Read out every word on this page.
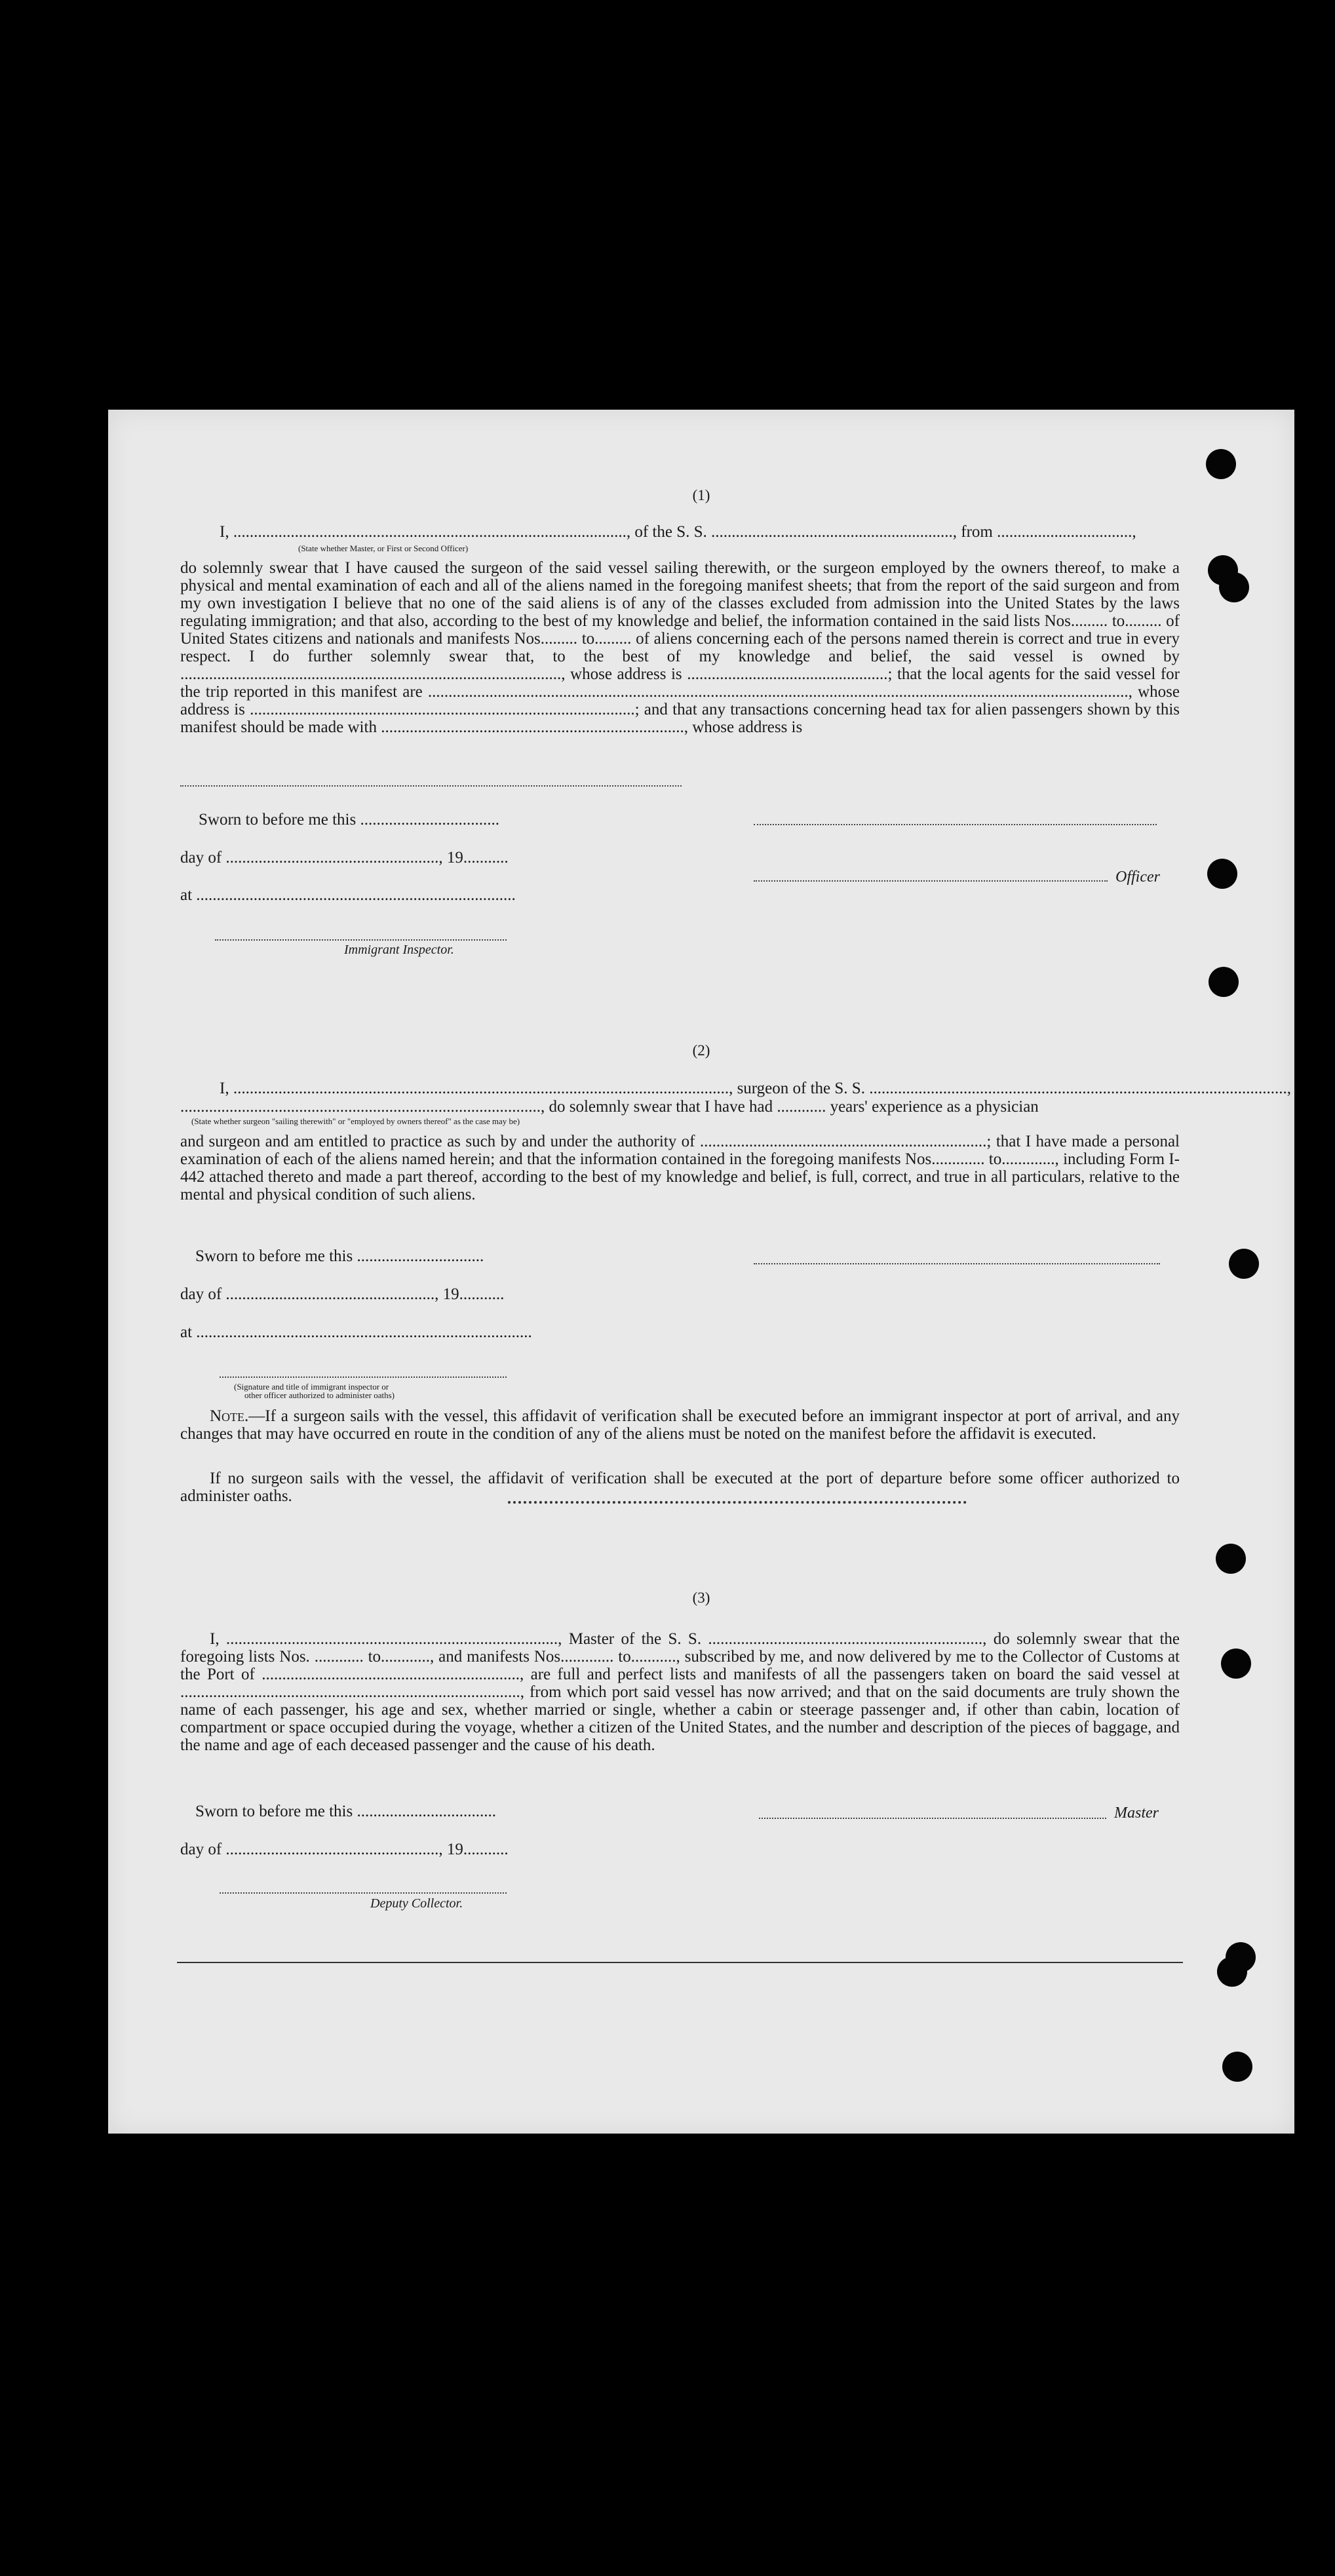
(1)
I, ................................................................................................, of the S. S. ..........................................................., from .................................,
(State whether Master, or First or Second Officer)
do solemnly swear that I have caused the surgeon of the said vessel sailing therewith, or the surgeon employed by the owners thereof, to make a physical and mental examination of each and all of the aliens named in the foregoing manifest sheets; that from the report of the said surgeon and from my own investigation I believe that no one of the said aliens is of any of the classes excluded from admission into the United States by the laws regulating immigration; and that also, according to the best of my knowledge and belief, the information contained in the said lists Nos......... to......... of United States citizens and nationals and manifests Nos......... to......... of aliens concerning each of the persons named therein is correct and true in every respect. I do further solemnly swear that, to the best of my knowledge and belief, the said vessel is owned by ............................................................................................., whose address is .................................................; that the local agents for the said vessel for the trip reported in this manifest are ..........................................................................................................................................................................., whose address is ..............................................................................................; and that any transactions concerning head tax for alien passengers shown by this manifest should be made with .........................................................................., whose address is
Sworn to before me this ..................................
day of ...................................................., 19...........
Officer
at ..............................................................................
Immigrant Inspector.
(2)
I, ........................................................................................................................., surgeon of the S. S. ......................................................................................................,
........................................................................................, do solemnly swear that I have had ............ years' experience as a physician
(State whether surgeon "sailing therewith" or "employed by owners thereof" as the case may be)
and surgeon and am entitled to practice as such by and under the authority of ......................................................................; that I have made a personal examination of each of the aliens named herein; and that the information contained in the foregoing manifests Nos............. to............., including Form I-442 attached thereto and made a part thereof, according to the best of my knowledge and belief, is full, correct, and true in all particulars, relative to the mental and physical condition of such aliens.
Sworn to before me this ...............................
day of ..................................................., 19...........
at ..................................................................................
(Signature and title of immigrant inspector or
other officer authorized to administer oaths)
Note.—If a surgeon sails with the vessel, this affidavit of verification shall be executed before an immigrant inspector at port of arrival, and any changes that may have occurred en route in the condition of any of the aliens must be noted on the manifest before the affidavit is executed.
If no surgeon sails with the vessel, the affidavit of verification shall be executed at the port of departure before some officer authorized to administer oaths.
(3)
I, ................................................................................., Master of the S. S. ..................................................................., do solemnly swear that the foregoing lists Nos. ............ to............, and manifests Nos............. to..........., subscribed by me, and now delivered by me to the Collector of Customs at the Port of ..............................................................., are full and perfect lists and manifests of all the passengers taken on board the said vessel at ..................................................................................., from which port said vessel has now arrived; and that on the said documents are truly shown the name of each passenger, his age and sex, whether married or single, whether a cabin or steerage passenger and, if other than cabin, location of compartment or space occupied during the voyage, whether a citizen of the United States, and the number and description of the pieces of baggage, and the name and age of each deceased passenger and the cause of his death.
Sworn to before me this ..................................	Master
day of ...................................................., 19...........
Deputy Collector.
